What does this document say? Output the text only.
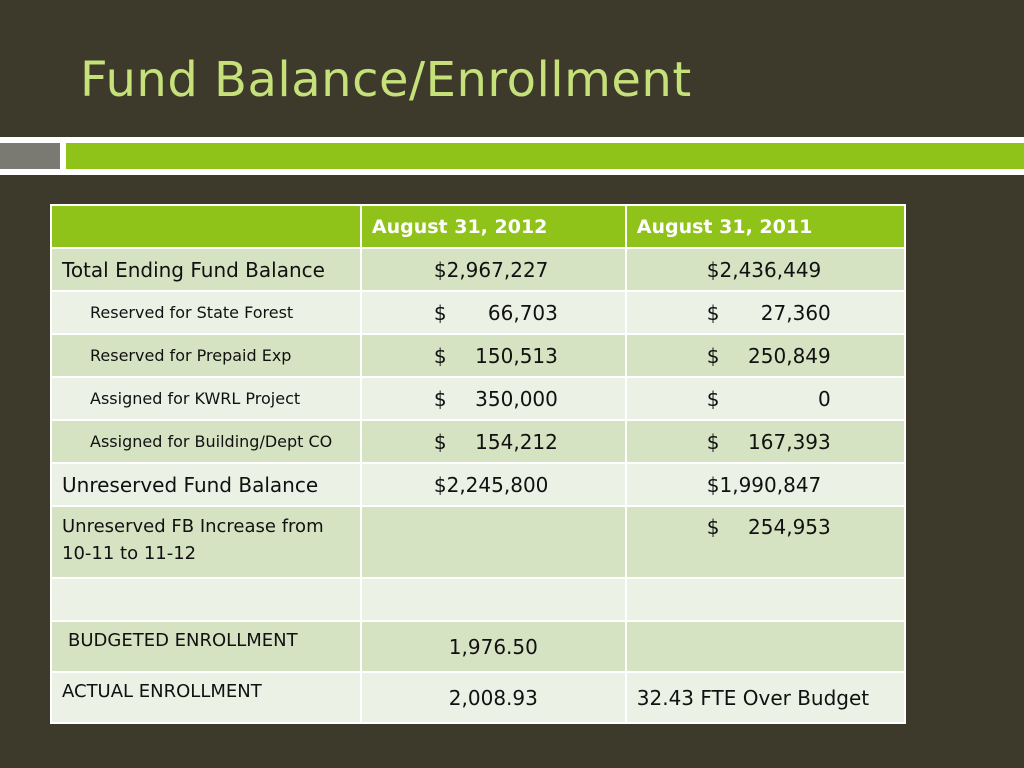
Fund Balance/Enrollment
	August 31, 2012	August 31, 2011
Total Ending Fund Balance	$2,967,227	$2,436,449
Reserved for State Forest	$ 66,703	$ 27,360

Reserved for Prepaid Exp	$ 150,513	$ 250,849

Assigned for KWRL Project	$ 350,000	$ 0

Assigned for Building/Dept CO	$ 154,212	$ 167,393

Unreserved Fund Balance	$2,245,800	$1,990,847
Unreserved FB Increase from
10-11 to 11-12		$ 254,953

BUDGETED ENROLLMENT	1,976.50	

ACTUAL ENROLLMENT	2,008.93	32.43 FTE Over Budget
